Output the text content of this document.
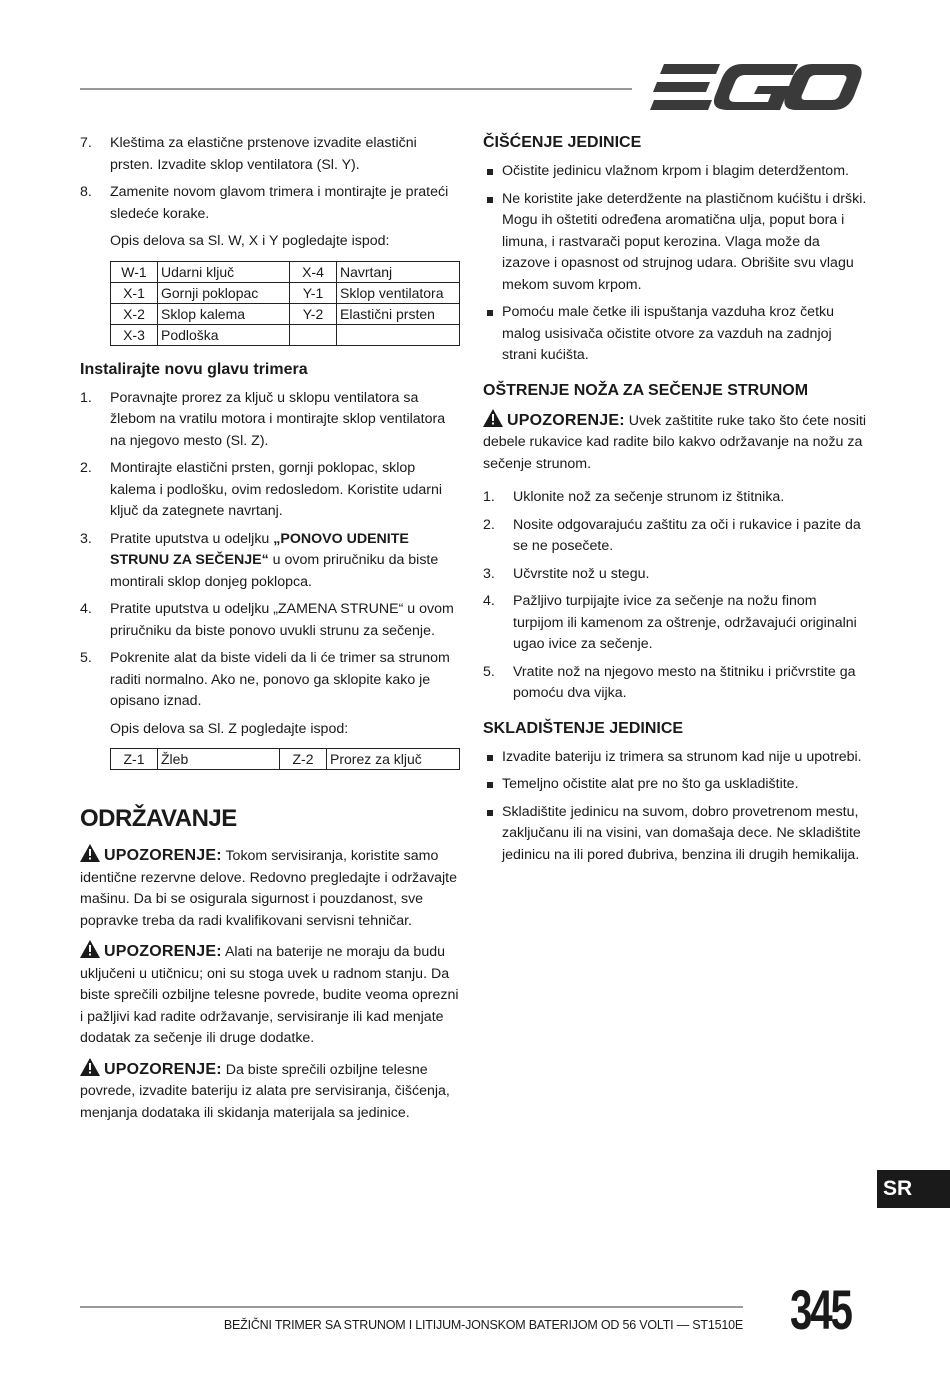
7.	Kleštima za elastične prstenove izvadite elastični prsten. Izvadite sklop ventilatora (Sl. Y).
8.	Zamenite novom glavom trimera i montirajte je prateći sledeće korake.

Opis delova sa Sl. W, X i Y pogledajte ispod:

W-1	Udarni ključ	X-4	Navrtanj
X-1	Gornji poklopac	Y-1	Sklop ventilatora
X-2	Sklop kalema	Y-2	Elastični prsten
X-3	Podloška		
Instalirajte novu glavu trimera
1.	Poravnajte prorez za ključ u sklopu ventilatora sa žlebom na vratilu motora i montirajte sklop ventilatora na njegovo mesto (Sl. Z).
2.	Montirajte elastični prsten, gornji poklopac, sklop kalema i podlošku, ovim redosledom. Koristite udarni ključ da zategnete navrtanj.
3.	Pratite uputstva u odeljku „PONOVO UDENITE STRUNU ZA SEČENJE“ u ovom priručniku da biste montirali sklop donjeg poklopca.
4.	Pratite uputstva u odeljku „ZAMENA STRUNE“ u ovom priručniku da biste ponovo uvukli strunu za sečenje.
5.	Pokrenite alat da biste videli da li će trimer sa strunom raditi normalno. Ako ne, ponovo ga sklopite kako je opisano iznad.

Opis delova sa Sl. Z pogledajte ispod:

Z-1	Žleb	Z-2	Prorez za ključ
ODRŽAVANJE

UPOZORENJE: Tokom servisiranja, koristite samo identične rezervne delove. Redovno pregledajte i održavajte mašinu. Da bi se osigurala sigurnost i pouzdanost, sve popravke treba da radi kvalifikovani servisni tehničar.

UPOZORENJE: Alati na baterije ne moraju da budu uključeni u utičnicu; oni su stoga uvek u radnom stanju. Da biste sprečili ozbiljne telesne povrede, budite veoma oprezni i pažljivi kad radite održavanje, servisiranje ili kad menjate dodatak za sečenje ili druge dodatke.

UPOZORENJE: Da biste sprečili ozbiljne telesne povrede, izvadite bateriju iz alata pre servisiranja, čišćenja, menjanja dodataka ili skidanja materijala sa jedinice.

ČIŠĆENJE JEDINICE
Očistite jedinicu vlažnom krpom i blagim deterdžentom.
Ne koristite jake deterdžente na plastičnom kućištu i drški. Mogu ih oštetiti određena aromatična ulja, poput bora i limuna, i rastvarači poput kerozina. Vlaga može da izazove i opasnost od strujnog udara. Obrišite svu vlagu mekom suvom krpom.
Pomoću male četke ili ispuštanja vazduha kroz četku malog usisivača očistite otvore za vazduh na zadnjoj strani kućišta.
OŠTRENJE NOŽA ZA SEČENJE STRUNOM

UPOZORENJE: Uvek zaštitite ruke tako što ćete nositi debele rukavice kad radite bilo kakvo održavanje na nožu za sečenje strunom.

1.	Uklonite nož za sečenje strunom iz štitnika.
2.	Nosite odgovarajuću zaštitu za oči i rukavice i pazite da se ne posečete.
3.	Učvrstite nož u stegu.
4.	Pažljivo turpijajte ivice za sečenje na nožu finom turpijom ili kamenom za oštrenje, održavajući originalni ugao ivice za sečenje.
5.	Vratite nož na njegovo mesto na štitniku i pričvrstite ga pomoću dva vijka.
SKLADIŠTENJE JEDINICE
Izvadite bateriju iz trimera sa strunom kad nije u upotrebi.
Temeljno očistite alat pre no što ga uskladištite.
Skladištite jedinicu na suvom, dobro provetrenom mestu, zaključanu ili na visini, van domašaja dece. Ne skladištite jedinicu na ili pored đubriva, benzina ili drugih hemikalija.
SR
BEŽIČNI TRIMER SA STRUNOM I LITIJUM-JONSKOM BATERIJOM OD 56 VOLTI — ST1510E 345
